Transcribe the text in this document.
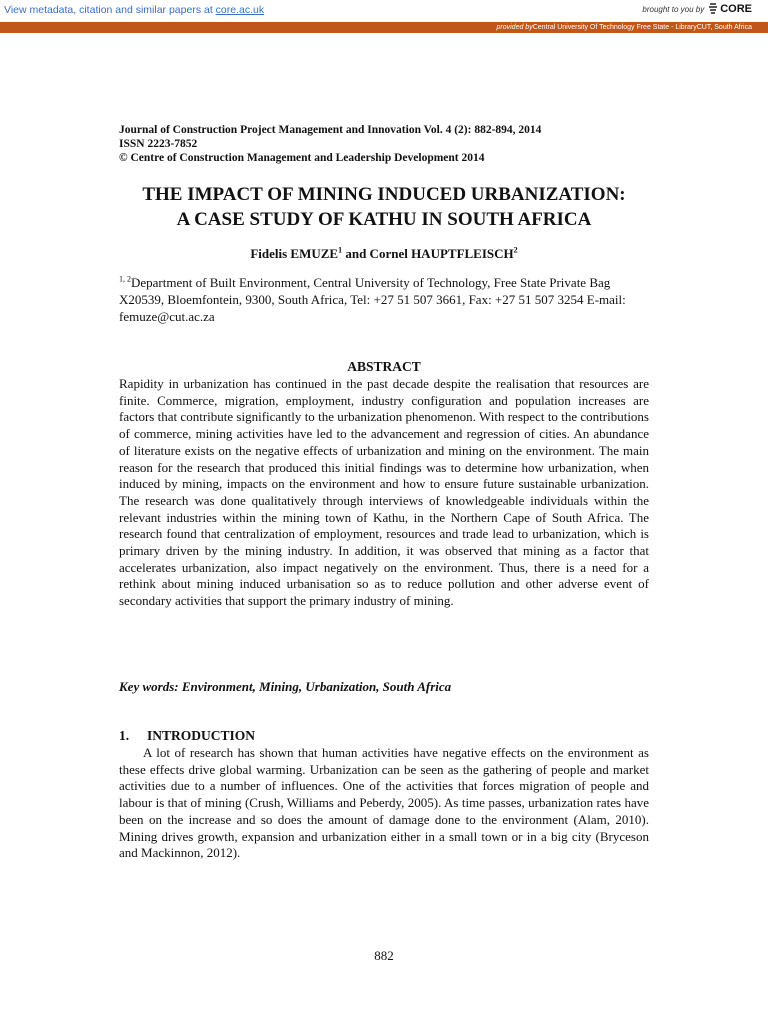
View metadata, citation and similar papers at core.ac.uk	brought to you by CORE
provided byCentral University Of Technology Free State - LibraryCUT, South Africa
Journal of Construction Project Management and Innovation Vol. 4 (2): 882-894, 2014
ISSN 2223-7852
© Centre of Construction Management and Leadership Development 2014
THE IMPACT OF MINING INDUCED URBANIZATION:
A CASE STUDY OF KATHU IN SOUTH AFRICA
Fidelis EMUZE$^1$ and Cornel HAUPTFLEISCH$^2$
$^{1, 2}$Department of Built Environment, Central University of Technology, Free State Private Bag X20539, Bloemfontein, 9300, South Africa, Tel: +27 51 507 3661, Fax: +27 51 507 3254 E-mail: femuze@cut.ac.za
ABSTRACT
Rapidity in urbanization has continued in the past decade despite the realisation that resources are finite. Commerce, migration, employment, industry configuration and population increases are factors that contribute significantly to the urbanization phenomenon. With respect to the contributions of commerce, mining activities have led to the advancement and regression of cities. An abundance of literature exists on the negative effects of urbanization and mining on the environment. The main reason for the research that produced this initial findings was to determine how urbanization, when induced by mining, impacts on the environment and how to ensure future sustainable urbanization. The research was done qualitatively through interviews of knowledgeable individuals within the relevant industries within the mining town of Kathu, in the Northern Cape of South Africa. The research found that centralization of employment, resources and trade lead to urbanization, which is primary driven by the mining industry. In addition, it was observed that mining as a factor that accelerates urbanization, also impact negatively on the environment. Thus, there is a need for a rethink about mining induced urbanisation so as to reduce pollution and other adverse event of secondary activities that support the primary industry of mining.
Key words: Environment, Mining, Urbanization, South Africa
1. INTRODUCTION
A lot of research has shown that human activities have negative effects on the environment as these effects drive global warming. Urbanization can be seen as the gathering of people and market activities due to a number of influences. One of the activities that forces migration of people and labour is that of mining (Crush, Williams and Peberdy, 2005). As time passes, urbanization rates have been on the increase and so does the amount of damage done to the environment (Alam, 2010). Mining drives growth, expansion and urbanization either in a small town or in a big city (Bryceson and Mackinnon, 2012).
882
